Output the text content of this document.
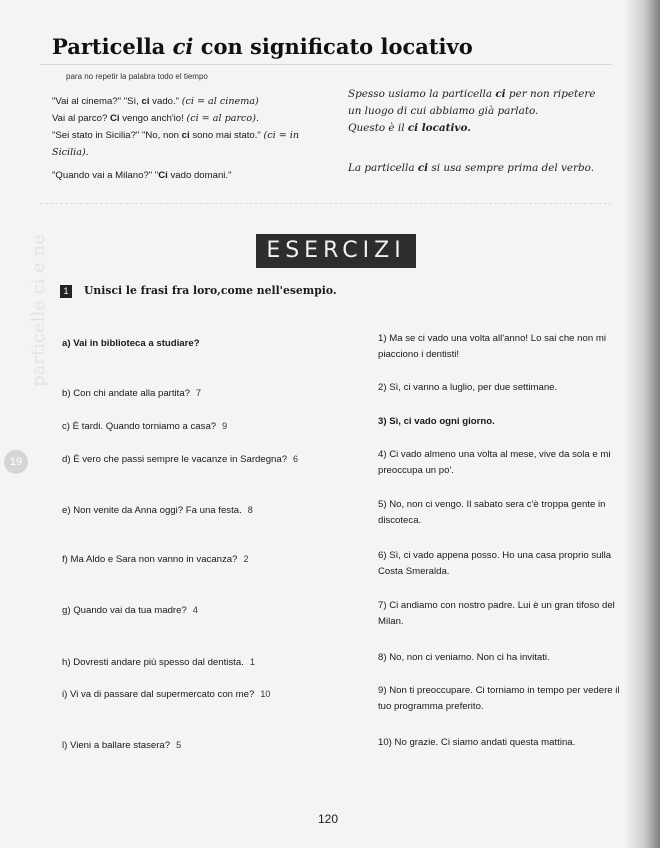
Particella ci con significato locativo
para no repetir la palabra todo el tiempo
"Vai al cinema?" "Sì, ci vado." (ci = al cinema)
Vai al parco? Ci vengo anch'io! (ci = al parco).
"Sei stato in Sicilia?" "No, non ci sono mai stato." (ci = in Sicilia).
"Quando vai a Milano?" "Ci vado domani."
Spesso usiamo la particella ci per non ripetere un luogo di cui abbiamo già parlato.
Questo è il ci locativo.
La particella ci si usa sempre prima del verbo.
ESERCIZI
1	Unisci le frasi fra loro,come nell'esempio.
a) Vai in biblioteca a studiare?
b) Con chi andate alla partita? 7
c) È tardi. Quando torniamo a casa? 9
d) È vero che passi sempre le vacanze in Sardegna? 6
e) Non venite da Anna oggi? Fa una festa. 8
f) Ma Aldo e Sara non vanno in vacanza? 2
g) Quando vai da tua madre? 4
h) Dovresti andare più spesso dal dentista. 1
i) Vi va di passare dal supermercato con me? 10
l) Vieni a ballare stasera? 5
1) Ma se ci vado una volta all'anno! Lo sai che non mi piacciono i dentisti!
2) Sì, ci vanno a luglio, per due settimane.
3) Sì, ci vado ogni giorno.
4) Ci vado almeno una volta al mese, vive da sola e mi preoccupa un po'.
5) No, non ci vengo. Il sabato sera c'è troppa gente in discoteca.
6) Sì, ci vado appena posso. Ho una casa proprio sulla Costa Smeralda.
7) Ci andiamo con nostro padre. Lui è un gran tifoso del Milan.
8) No, non ci veniamo. Non ci ha invitati.
9) Non ti preoccupare. Ci torniamo in tempo per vedere il tuo programma preferito.
10) No grazie. Ci siamo andati questa mattina.
particelle ci e ne
19
120
